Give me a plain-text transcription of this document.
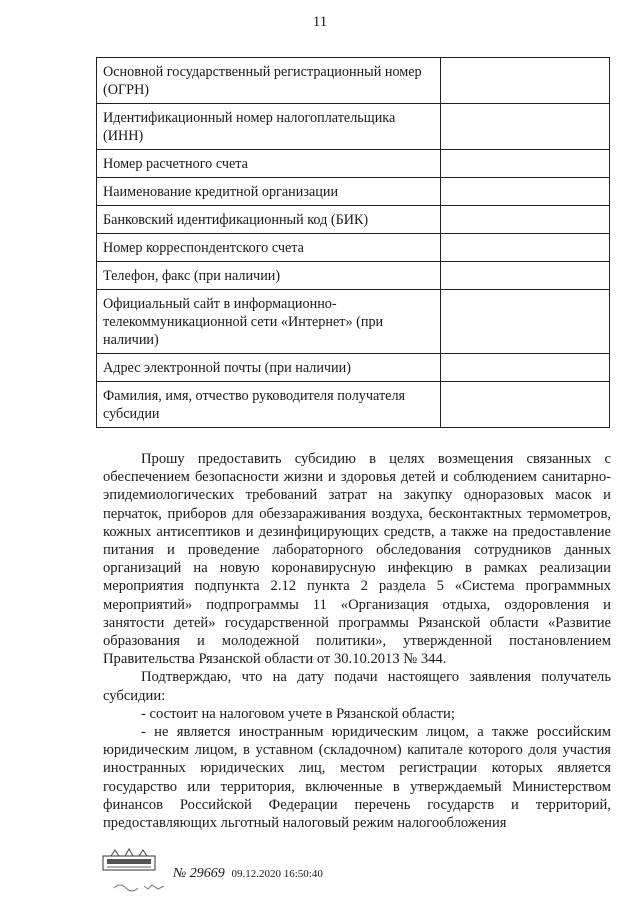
11
Основной государственный регистрационный номер (ОГРН)	
Идентификационный номер налогоплательщика (ИНН)	
Номер расчетного счета	
Наименование кредитной организации	
Банковский идентификационный код (БИК)	
Номер корреспондентского счета	
Телефон, факс (при наличии)	
Официальный сайт в информационно-телекоммуникационной сети «Интернет» (при наличии)	
Адрес электронной почты (при наличии)	
Фамилия, имя, отчество руководителя получателя субсидии	

Прошу предоставить субсидию в целях возмещения связанных с обеспечением безопасности жизни и здоровья детей и соблюдением санитарно-эпидемиологических требований затрат на закупку одноразовых масок и перчаток, приборов для обеззараживания воздуха, бесконтактных термометров, кожных антисептиков и дезинфицирующих средств, а также на предоставление питания и проведение лабораторного обследования сотрудников данных организаций на новую коронавирусную инфекцию в рамках реализации мероприятия подпункта 2.12 пункта 2 раздела 5 «Система программных мероприятий» подпрограммы 11 «Организация отдыха, оздоровления и занятости детей» государственной программы Рязанской области «Развитие образования и молодежной политики», утвержденной постановлением Правительства Рязанской области от 30.10.2013 № 344.

Подтверждаю, что на дату подачи настоящего заявления получатель субсидии:

- состоит на налоговом учете в Рязанской области;

- не является иностранным юридическим лицом, а также российским юридическим лицом, в уставном (складочном) капитале которого доля участия иностранных юридических лиц, местом регистрации которых является государство или территория, включенные в утверждаемый Министерством финансов Российской Федерации перечень государств и территорий, предоставляющих льготный налоговый режим налогообложения

№ 29669 09.12.2020 16:50:40
